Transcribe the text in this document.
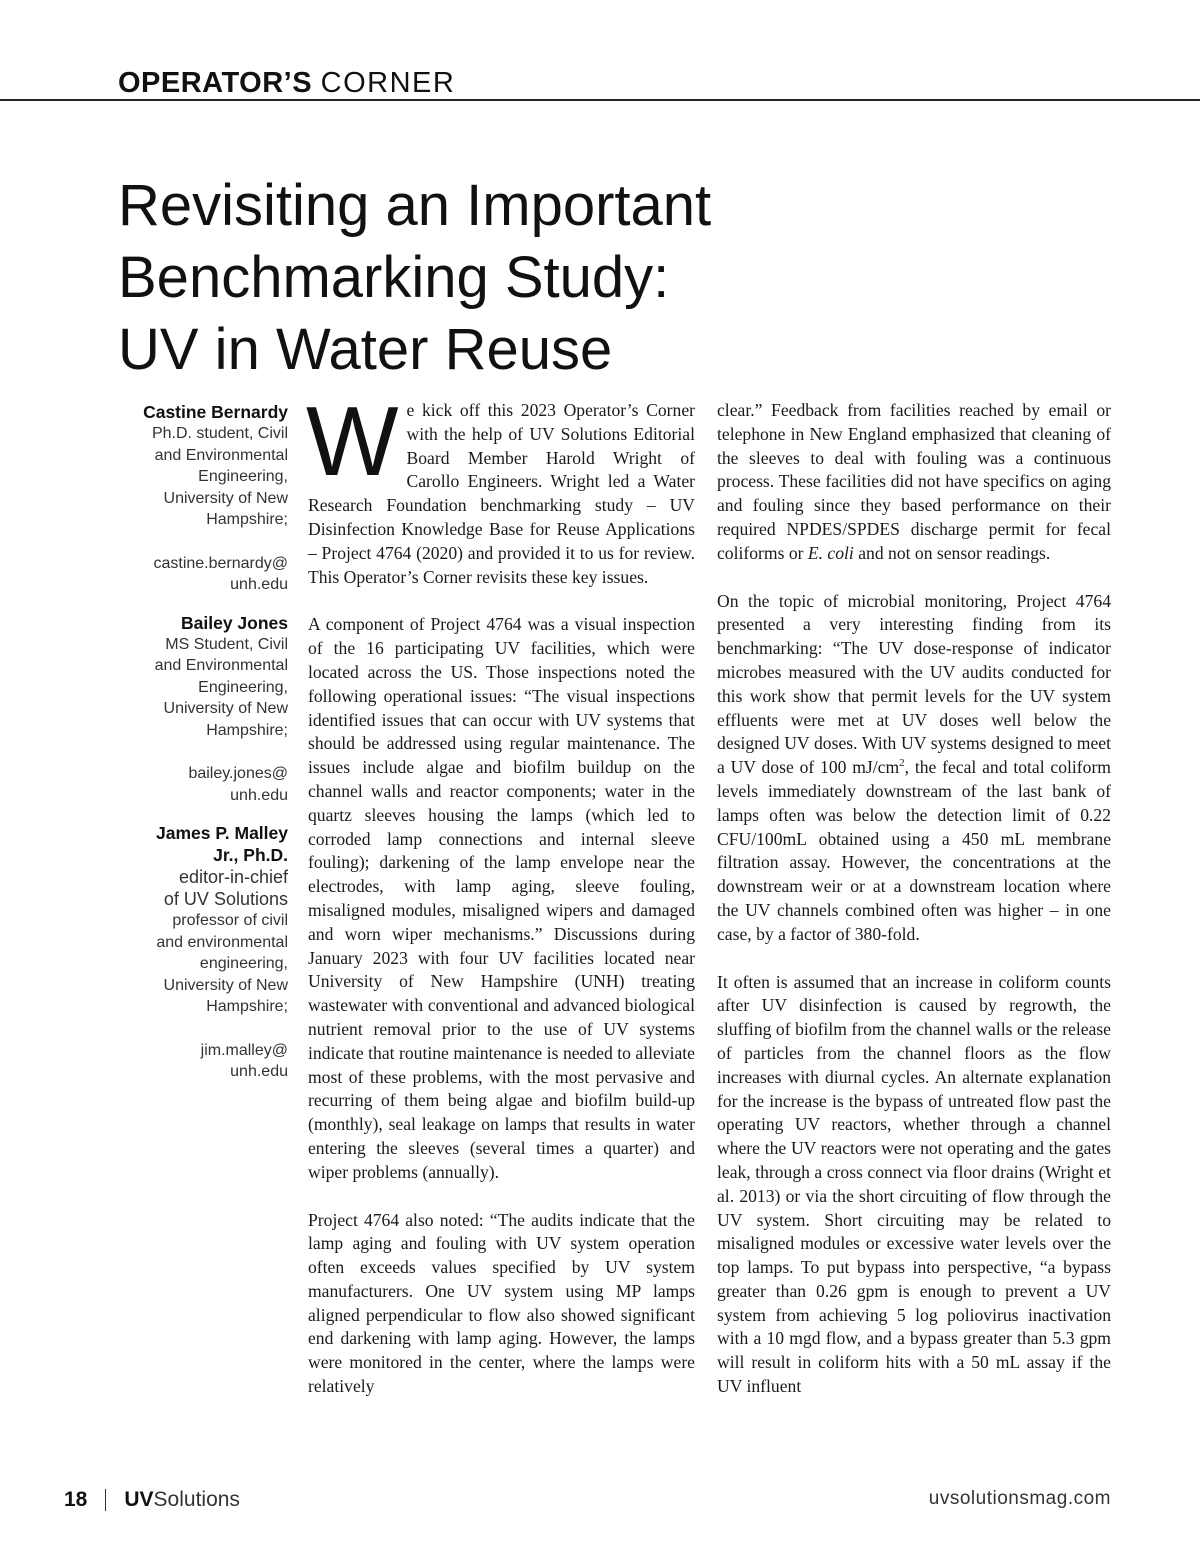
OPERATOR’S CORNER
Revisiting an Important
Benchmarking Study:
UV in Water Reuse
Castine Bernardy
Ph.D. student, Civil
and Environmental
Engineering,
University of New
Hampshire;
castine.bernardy@
unh.edu
Bailey Jones
MS Student, Civil
and Environmental
Engineering,
University of New
Hampshire;
bailey.jones@
unh.edu
James P. Malley
Jr., Ph.D.
editor-in-chief
of UV Solutions
professor of civil
and environmental
engineering,
University of New
Hampshire;
jim.malley@
unh.edu

We kick off this 2023 Operator’s Corner with the help of UV Solutions Editorial Board Member Harold Wright of Carollo Engineers. Wright led a Water Research Foundation benchmarking study – UV Disinfection Knowledge Base for Reuse Applications – Project 4764 (2020) and provided it to us for review. This Operator’s Corner revisits these key issues.

A component of Project 4764 was a visual inspection of the 16 participating UV facilities, which were located across the US. Those inspections noted the following operational issues: “The visual inspections identified issues that can occur with UV systems that should be addressed using regular maintenance. The issues include algae and biofilm buildup on the channel walls and reactor components; water in the quartz sleeves housing the lamps (which led to corroded lamp connections and internal sleeve fouling); darkening of the lamp envelope near the electrodes, with lamp aging, sleeve fouling, misaligned modules, misaligned wipers and damaged and worn wiper mechanisms.” Discussions during January 2023 with four UV facilities located near University of New Hampshire (UNH) treating wastewater with conventional and advanced biological nutrient removal prior to the use of UV systems indicate that routine maintenance is needed to alleviate most of these problems, with the most pervasive and recurring of them being algae and biofilm build-up (monthly), seal leakage on lamps that results in water entering the sleeves (several times a quarter) and wiper problems (annually).

Project 4764 also noted: “The audits indicate that the lamp aging and fouling with UV system operation often exceeds values specified by UV system manufacturers. One UV system using MP lamps aligned perpendicular to flow also showed significant end darkening with lamp aging. However, the lamps were monitored in the center, where the lamps were relatively

clear.” Feedback from facilities reached by email or telephone in New England emphasized that cleaning of the sleeves to deal with fouling was a continuous process. These facilities did not have specifics on aging and fouling since they based performance on their required NPDES/SPDES discharge permit for fecal coliforms or E. coli and not on sensor readings.

On the topic of microbial monitoring, Project 4764 presented a very interesting finding from its benchmarking: “The UV dose-response of indicator microbes measured with the UV audits conducted for this work show that permit levels for the UV system effluents were met at UV doses well below the designed UV doses. With UV systems designed to meet a UV dose of 100 $mJ/cm^2$, the fecal and total coliform levels immediately downstream of the last bank of lamps often was below the detection limit of 0.22 CFU/100mL obtained using a 450 mL membrane filtration assay. However, the concentrations at the downstream weir or at a downstream location where the UV channels combined often was higher – in one case, by a factor of 380-fold.

It often is assumed that an increase in coliform counts after UV disinfection is caused by regrowth, the sluffing of biofilm from the channel walls or the release of particles from the channel floors as the flow increases with diurnal cycles. An alternate explanation for the increase is the bypass of untreated flow past the operating UV reactors, whether through a channel where the UV reactors were not operating and the gates leak, through a cross connect via floor drains (Wright et al. 2013) or via the short circuiting of flow through the UV system. Short circuiting may be related to misaligned modules or excessive water levels over the top lamps. To put bypass into perspective, “a bypass greater than 0.26 gpm is enough to prevent a UV system from achieving 5 log poliovirus inactivation with a 10 mgd flow, and a bypass greater than 5.3 gpm will result in coliform hits with a 50 mL assay if the UV influent

18 UVSolutions	uvsolutionsmag.com
